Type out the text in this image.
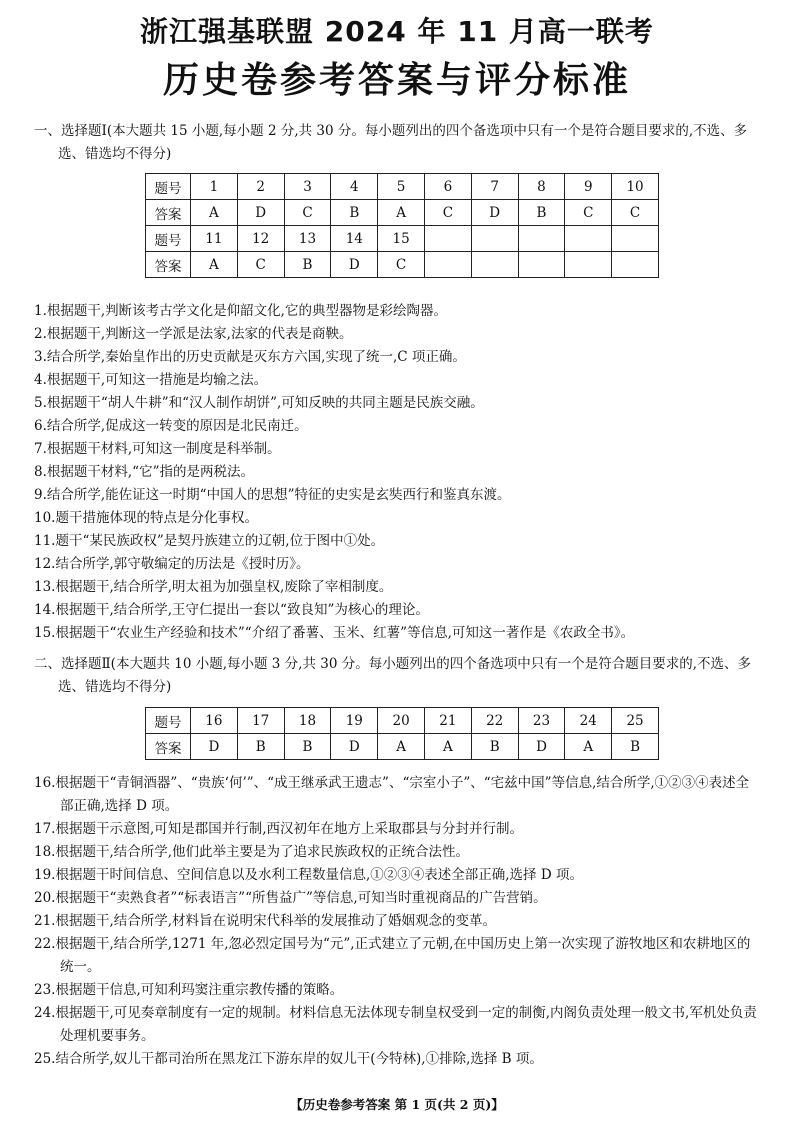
浙江强基联盟 2024 年 11 月高一联考
历史卷参考答案与评分标准
一、选择题Ⅰ(本大题共 15 小题,每小题 2 分,共 30 分。每小题列出的四个备选项中只有一个是符合题目要求的,不选、多选、错选均不得分)
题号	1	2	3	4	5	6	7	8	9	10
答案	A	D	C	B	A	C	D	B	C	C
题号	11	12	13	14	15					
答案	A	C	B	D	C					
1.根据题干,判断该考古学文化是仰韶文化,它的典型器物是彩绘陶器。
2.根据题干,判断这一学派是法家,法家的代表是商鞅。
3.结合所学,秦始皇作出的历史贡献是灭东方六国,实现了统一,C 项正确。
4.根据题干,可知这一措施是均输之法。
5.根据题干“胡人牛耕”和“汉人制作胡饼”,可知反映的共同主题是民族交融。
6.结合所学,促成这一转变的原因是北民南迁。
7.根据题干材料,可知这一制度是科举制。
8.根据题干材料,“它”指的是两税法。
9.结合所学,能佐证这一时期“中国人的思想”特征的史实是玄奘西行和鉴真东渡。
10.题干措施体现的特点是分化事权。
11.题干“某民族政权”是契丹族建立的辽朝,位于图中①处。
12.结合所学,郭守敬编定的历法是《授时历》。
13.根据题干,结合所学,明太祖为加强皇权,废除了宰相制度。
14.根据题干,结合所学,王守仁提出一套以“致良知”为核心的理论。
15.根据题干“农业生产经验和技术”“介绍了番薯、玉米、红薯”等信息,可知这一著作是《农政全书》。
二、选择题Ⅱ(本大题共 10 小题,每小题 3 分,共 30 分。每小题列出的四个备选项中只有一个是符合题目要求的,不选、多选、错选均不得分)
题号	16	17	18	19	20	21	22	23	24	25
答案	D	B	B	D	A	A	B	D	A	B
16.根据题干“青铜酒器”、“贵族‘何’”、“成王继承武王遗志”、“宗室小子”、“宅兹中国”等信息,结合所学,①②③④表述全部正确,选择 D 项。
17.根据题干示意图,可知是郡国并行制,西汉初年在地方上采取郡县与分封并行制。
18.根据题干,结合所学,他们此举主要是为了追求民族政权的正统合法性。
19.根据题干时间信息、空间信息以及水利工程数量信息,①②③④表述全部正确,选择 D 项。
20.根据题干“卖熟食者”“标表语言”“所售益广”等信息,可知当时重视商品的广告营销。
21.根据题干,结合所学,材料旨在说明宋代科举的发展推动了婚姻观念的变革。
22.根据题干,结合所学,1271 年,忽必烈定国号为“元”,正式建立了元朝,在中国历史上第一次实现了游牧地区和农耕地区的统一。
23.根据题干信息,可知利玛窦注重宗教传播的策略。
24.根据题干,可见奏章制度有一定的规制。材料信息无法体现专制皇权受到一定的制衡,内阁负责处理一般文书,军机处负责处理机要事务。
25.结合所学,奴儿干都司治所在黑龙江下游东岸的奴儿干(今特林),①排除,选择 B 项。
【历史卷参考答案 第 1 页(共 2 页)】
